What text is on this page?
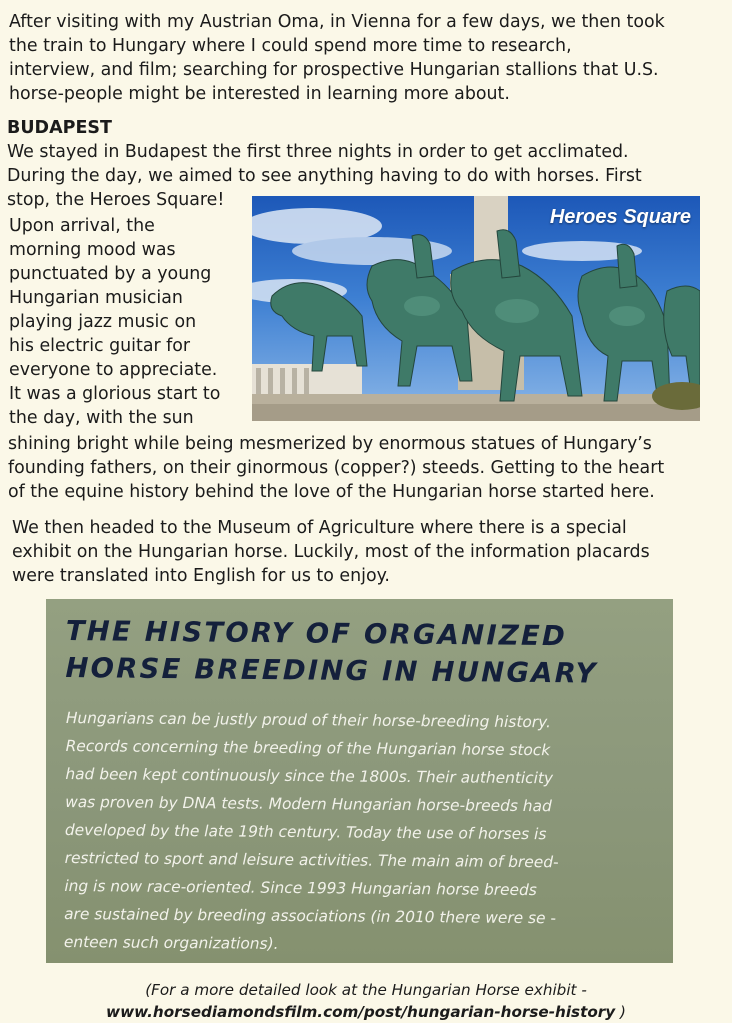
After visiting with my Austrian Oma, in Vienna for a few days, we then took
the train to Hungary where I could spend more time to research,
interview, and film; searching for prospective Hungarian stallions that U.S.
horse-people might be interested in learning more about.

BUDAPEST

We stayed in Budapest the first three nights in order to get acclimated.
During the day, we aimed to see anything having to do with horses. First
stop, the Heroes Square!

Upon arrival, the
morning mood was
punctuated by a young
Hungarian musician
playing jazz music on
his electric guitar for
everyone to appreciate.
It was a glorious start to
the day, with the sun

Heroes Square

shining bright while being mesmerized by enormous statues of Hungary’s
founding fathers, on their ginormous (copper?) steeds. Getting to the heart
of the equine history behind the love of the Hungarian horse started here.

We then headed to the Museum of Agriculture where there is a special
exhibit on the Hungarian horse. Luckily, most of the information placards
were translated into English for us to enjoy.

THE HISTORY OF ORGANIZED
HORSE BREEDING IN HUNGARY
Hungarians can be justly proud of their horse-breeding history.
Records concerning the breeding of the Hungarian horse stock
had been kept continuously since the 1800s. Their authenticity
was proven by DNA tests. Modern Hungarian horse-breeds had
developed by the late 19th century. Today the use of horses is
restricted to sport and leisure activities. The main aim of breed-
ing is now race-oriented. Since 1993 Hungarian horse breeds
are sustained by breeding associations (in 2010 there were se -
enteen such organizations).
(For a more detailed look at the Hungarian Horse exhibit -
www.horsediamondsfilm.com/post/hungarian-horse-history )
